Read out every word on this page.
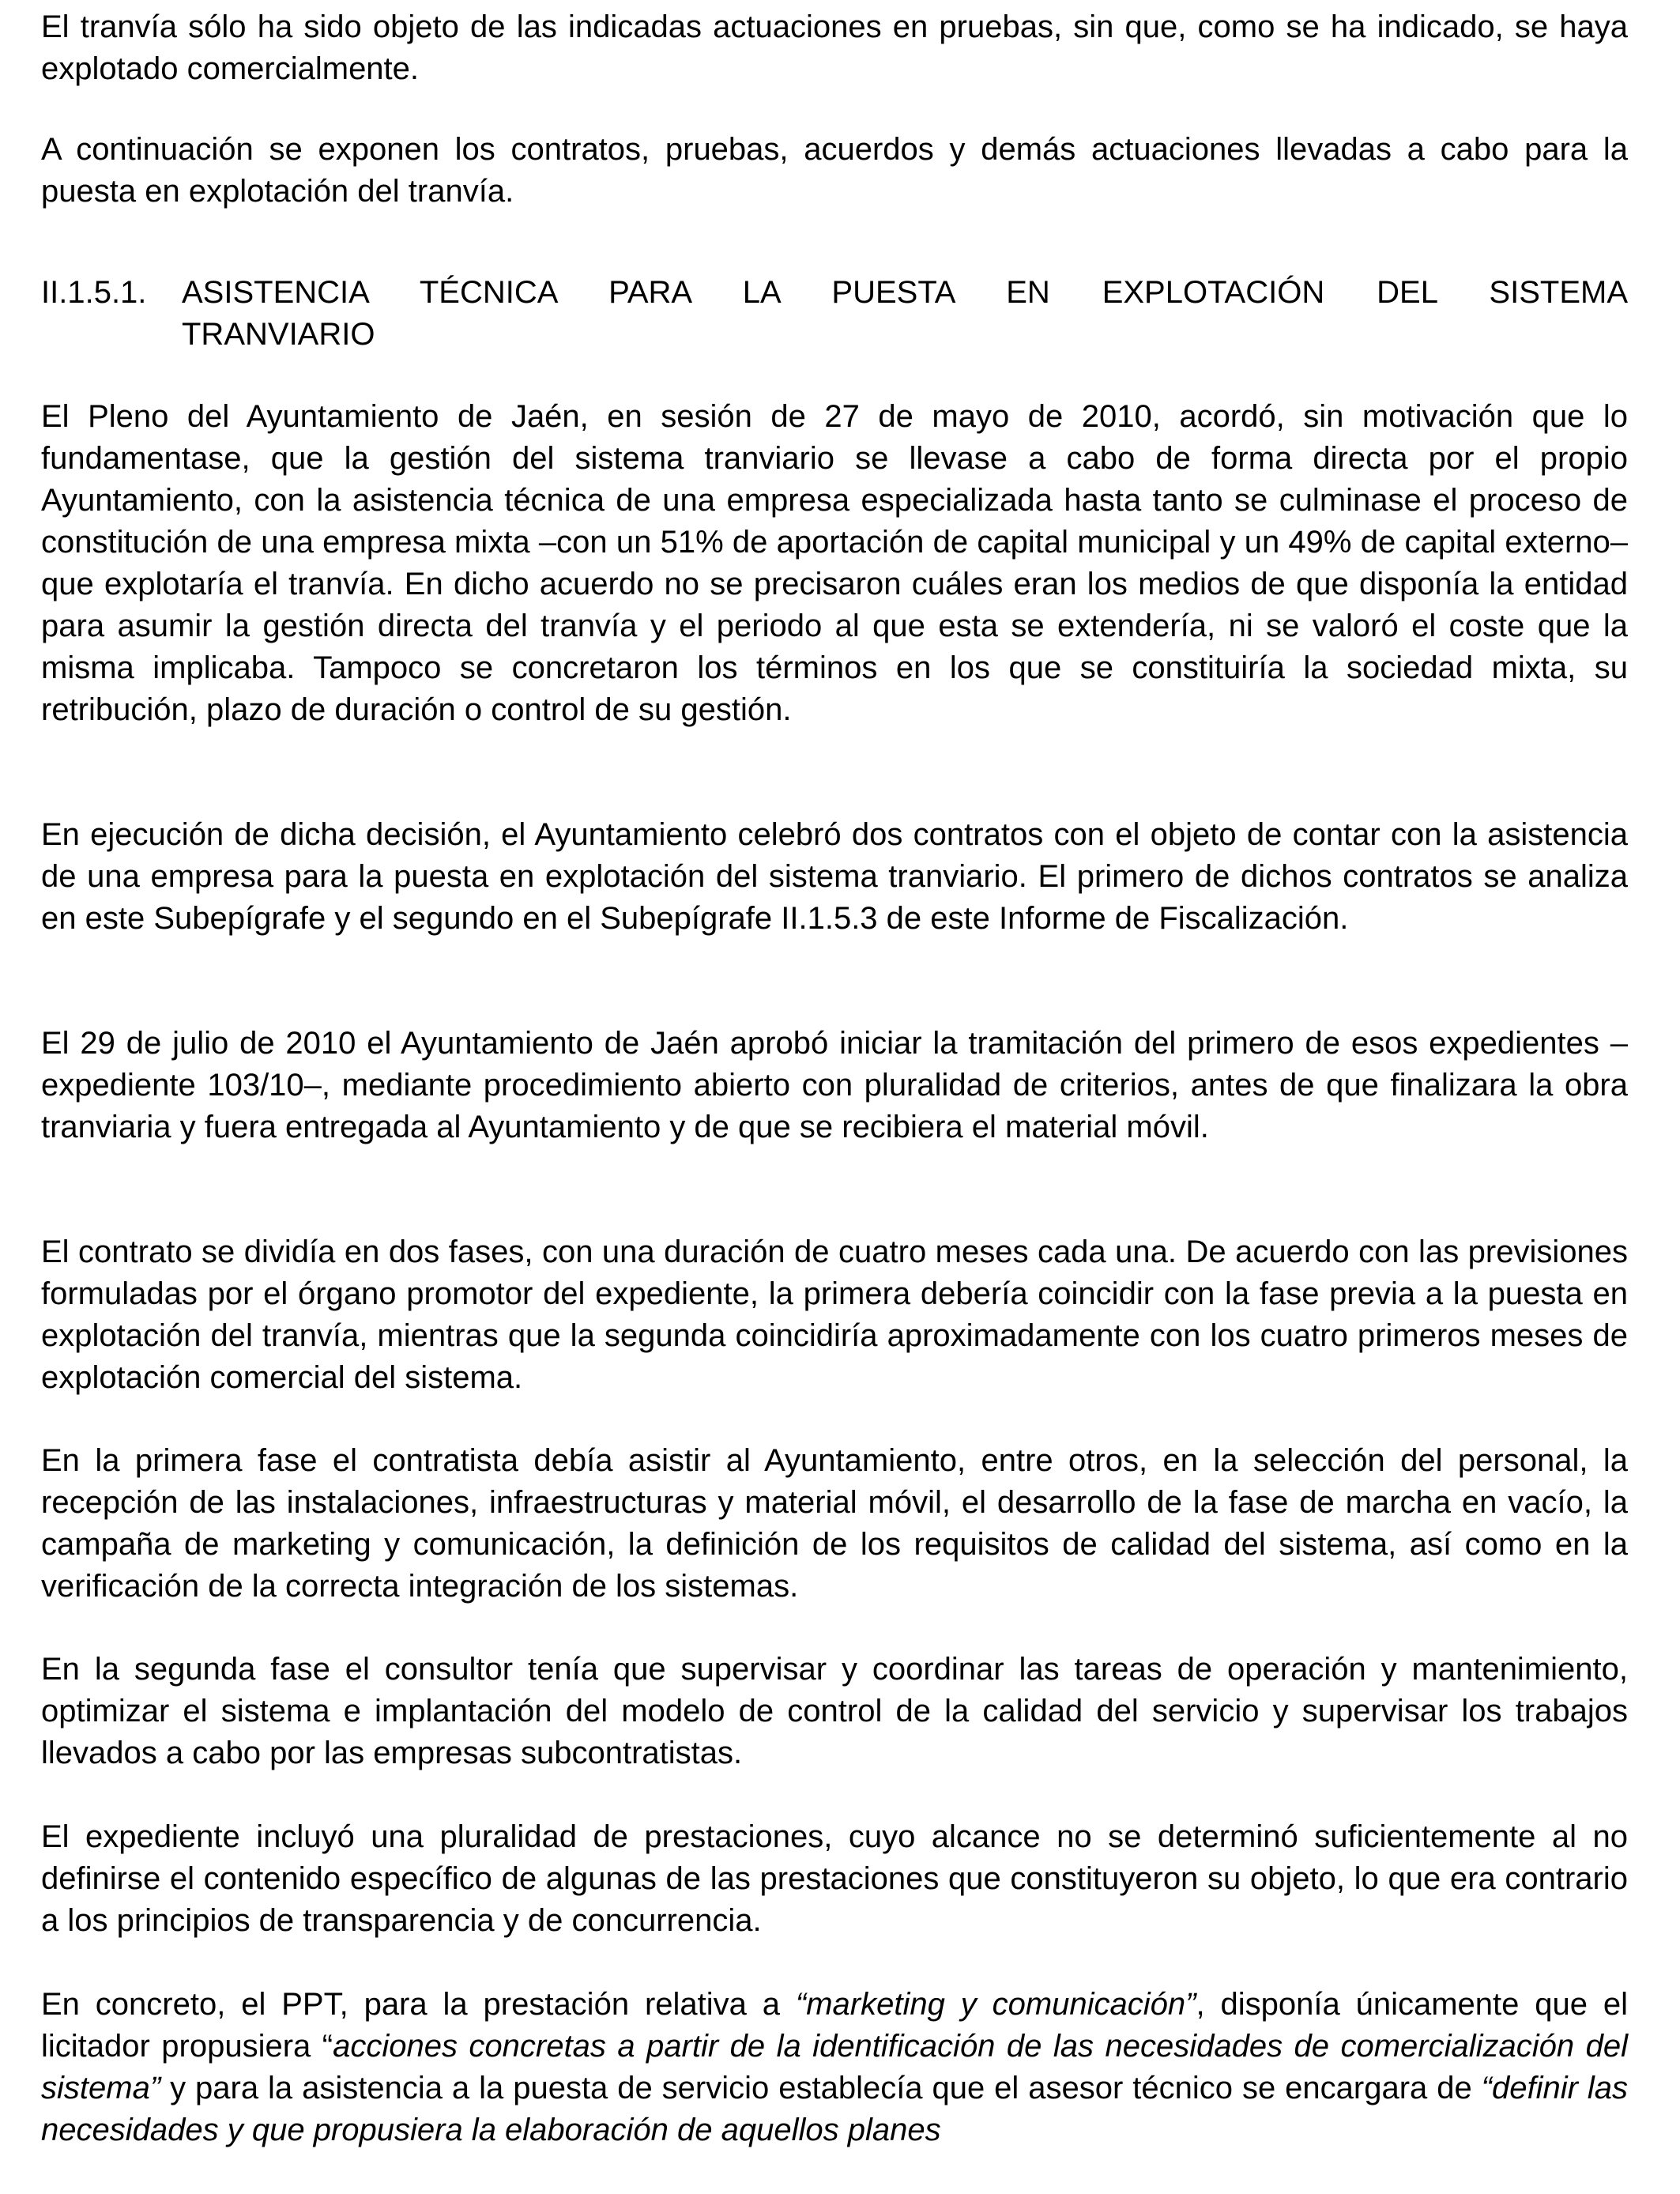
El tranvía sólo ha sido objeto de las indicadas actuaciones en pruebas, sin que, como se ha indicado, se haya explotado comercialmente.

A continuación se exponen los contratos, pruebas, acuerdos y demás actuaciones llevadas a cabo para la puesta en explotación del tranvía.

II.1.5.1. ASISTENCIA TÉCNICA PARA LA PUESTA EN EXPLOTACIÓN DEL SISTEMA
TRANVIARIO

El Pleno del Ayuntamiento de Jaén, en sesión de 27 de mayo de 2010, acordó, sin motivación que lo fundamentase, que la gestión del sistema tranviario se llevase a cabo de forma directa por el propio Ayuntamiento, con la asistencia técnica de una empresa especializada hasta tanto se culminase el proceso de constitución de una empresa mixta –con un 51% de aportación de capital municipal y un 49% de capital externo– que explotaría el tranvía. En dicho acuerdo no se precisaron cuáles eran los medios de que disponía la entidad para asumir la gestión directa del tranvía y el periodo al que esta se extendería, ni se valoró el coste que la misma implicaba. Tampoco se concretaron los términos en los que se constituiría la sociedad mixta, su retribución, plazo de duración o control de su gestión.

En ejecución de dicha decisión, el Ayuntamiento celebró dos contratos con el objeto de contar con la asistencia de una empresa para la puesta en explotación del sistema tranviario. El primero de dichos contratos se analiza en este Subepígrafe y el segundo en el Subepígrafe II.1.5.3 de este Informe de Fiscalización.

El 29 de julio de 2010 el Ayuntamiento de Jaén aprobó iniciar la tramitación del primero de esos expedientes –expediente 103/10–, mediante procedimiento abierto con pluralidad de criterios, antes de que finalizara la obra tranviaria y fuera entregada al Ayuntamiento y de que se recibiera el material móvil.

El contrato se dividía en dos fases, con una duración de cuatro meses cada una. De acuerdo con las previsiones formuladas por el órgano promotor del expediente, la primera debería coincidir con la fase previa a la puesta en explotación del tranvía, mientras que la segunda coincidiría aproximadamente con los cuatro primeros meses de explotación comercial del sistema.

En la primera fase el contratista debía asistir al Ayuntamiento, entre otros, en la selección del personal, la recepción de las instalaciones, infraestructuras y material móvil, el desarrollo de la fase de marcha en vacío, la campaña de marketing y comunicación, la definición de los requisitos de calidad del sistema, así como en la verificación de la correcta integración de los sistemas.

En la segunda fase el consultor tenía que supervisar y coordinar las tareas de operación y mantenimiento, optimizar el sistema e implantación del modelo de control de la calidad del servicio y supervisar los trabajos llevados a cabo por las empresas subcontratistas.

El expediente incluyó una pluralidad de prestaciones, cuyo alcance no se determinó suficientemente al no definirse el contenido específico de algunas de las prestaciones que constituyeron su objeto, lo que era contrario a los principios de transparencia y de concurrencia.

En concreto, el PPT, para la prestación relativa a “marketing y comunicación”, disponía únicamente que el licitador propusiera “acciones concretas a partir de la identificación de las necesidades de comercialización del sistema” y para la asistencia a la puesta de servicio establecía que el asesor técnico se encargara de “definir las necesidades y que propusiera la elaboración de aquellos planes
